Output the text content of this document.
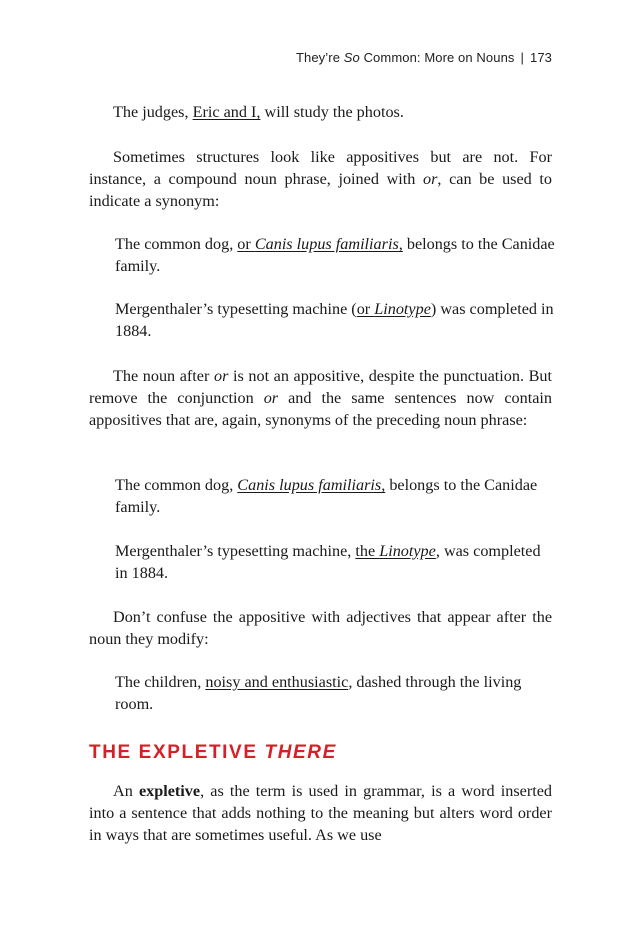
They’re So Common: More on Nouns | 173

The judges, Eric and I, will study the photos.

Sometimes structures look like appositives but are not. For instance, a compound noun phrase, joined with or, can be used to indicate a synonym:

The common dog, or Canis lupus familiaris, belongs to the Canidae family.

Mergenthaler’s typesetting machine (or Linotype) was completed in 1884.

The noun after or is not an appositive, despite the punctuation. But remove the conjunction or and the same sentences now contain appositives that are, again, synonyms of the preceding noun phrase:

The common dog, Canis lupus familiaris, belongs to the Canidae family.

Mergenthaler’s typesetting machine, the Linotype, was completed in 1884.

Don’t confuse the appositive with adjectives that appear after the noun they modify:

The children, noisy and enthusiastic, dashed through the living room.

THE EXPLETIVE THERE

An expletive, as the term is used in grammar, is a word inserted into a sentence that adds nothing to the meaning but alters word order in ways that are sometimes useful. As we use
